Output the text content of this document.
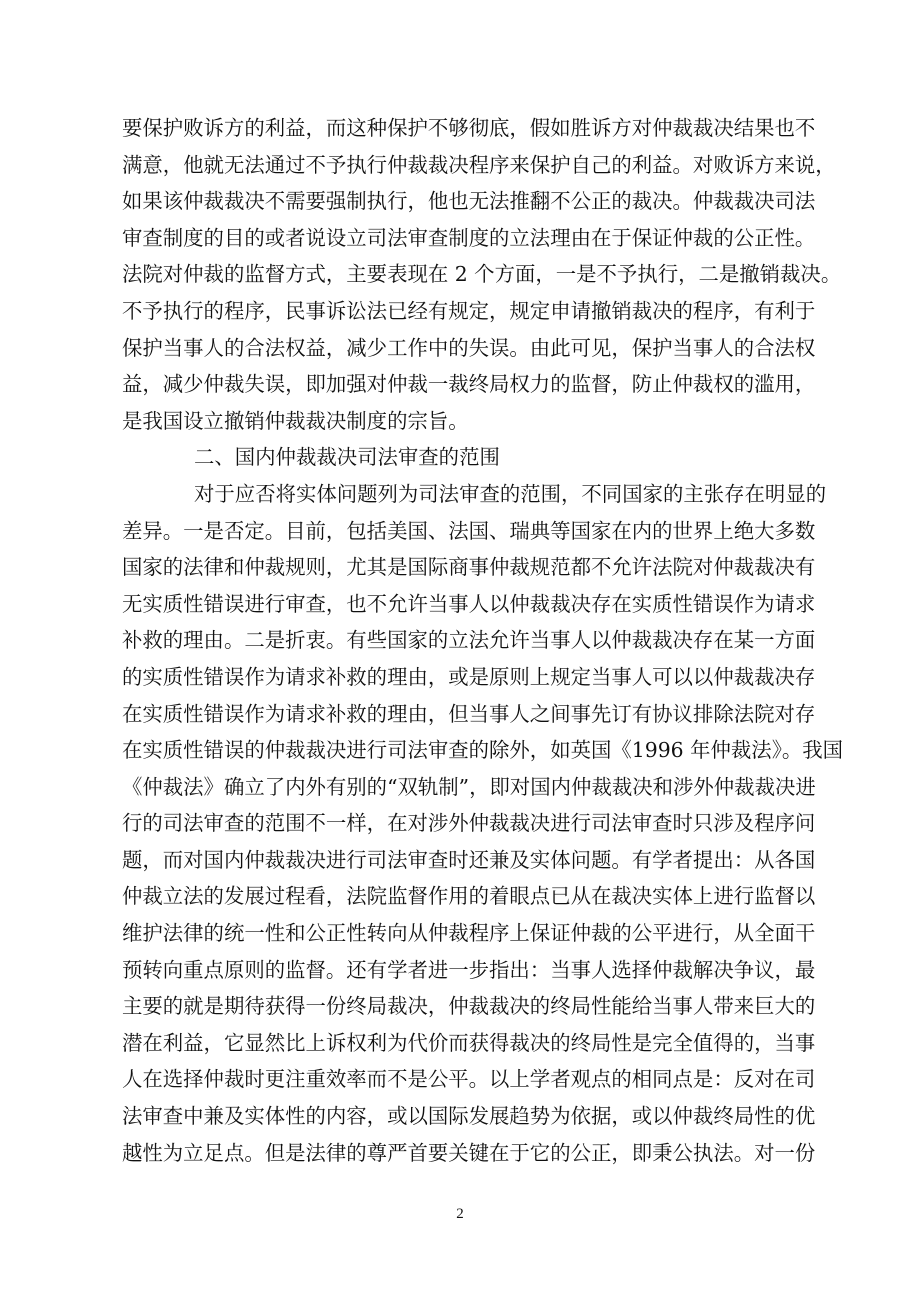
要保护败诉方的利益，而这种保护不够彻底，假如胜诉方对仲裁裁决结果也不
满意，他就无法通过不予执行仲裁裁决程序来保护自己的利益。对败诉方来说，
如果该仲裁裁决不需要强制执行，他也无法推翻不公正的裁决。仲裁裁决司法
审查制度的目的或者说设立司法审查制度的立法理由在于保证仲裁的公正性。
法院对仲裁的监督方式，主要表现在 2 个方面，一是不予执行，二是撤销裁决。
不予执行的程序，民事诉讼法已经有规定，规定申请撤销裁决的程序，有利于
保护当事人的合法权益，减少工作中的失误。由此可见，保护当事人的合法权
益，减少仲裁失误，即加强对仲裁一裁终局权力的监督，防止仲裁权的滥用，
是我国设立撤销仲裁裁决制度的宗旨。
二、国内仲裁裁决司法审查的范围
对于应否将实体问题列为司法审查的范围，不同国家的主张存在明显的
差异。一是否定。目前，包括美国、法国、瑞典等国家在内的世界上绝大多数
国家的法律和仲裁规则，尤其是国际商事仲裁规范都不允许法院对仲裁裁决有
无实质性错误进行审查，也不允许当事人以仲裁裁决存在实质性错误作为请求
补救的理由。二是折衷。有些国家的立法允许当事人以仲裁裁决存在某一方面
的实质性错误作为请求补救的理由，或是原则上规定当事人可以以仲裁裁决存
在实质性错误作为请求补救的理由，但当事人之间事先订有协议排除法院对存
在实质性错误的仲裁裁决进行司法审查的除外，如英国《1996 年仲裁法》。我国
《仲裁法》确立了内外有别的“双轨制”，即对国内仲裁裁决和涉外仲裁裁决进
行的司法审查的范围不一样，在对涉外仲裁裁决进行司法审查时只涉及程序问
题，而对国内仲裁裁决进行司法审查时还兼及实体问题。有学者提出：从各国
仲裁立法的发展过程看，法院监督作用的着眼点已从在裁决实体上进行监督以
维护法律的统一性和公正性转向从仲裁程序上保证仲裁的公平进行，从全面干
预转向重点原则的监督。还有学者进一步指出：当事人选择仲裁解决争议，最
主要的就是期待获得一份终局裁决，仲裁裁决的终局性能给当事人带来巨大的
潜在利益，它显然比上诉权利为代价而获得裁决的终局性是完全值得的，当事
人在选择仲裁时更注重效率而不是公平。以上学者观点的相同点是：反对在司
法审查中兼及实体性的内容，或以国际发展趋势为依据，或以仲裁终局性的优
越性为立足点。但是法律的尊严首要关键在于它的公正，即秉公执法。对一份
2
